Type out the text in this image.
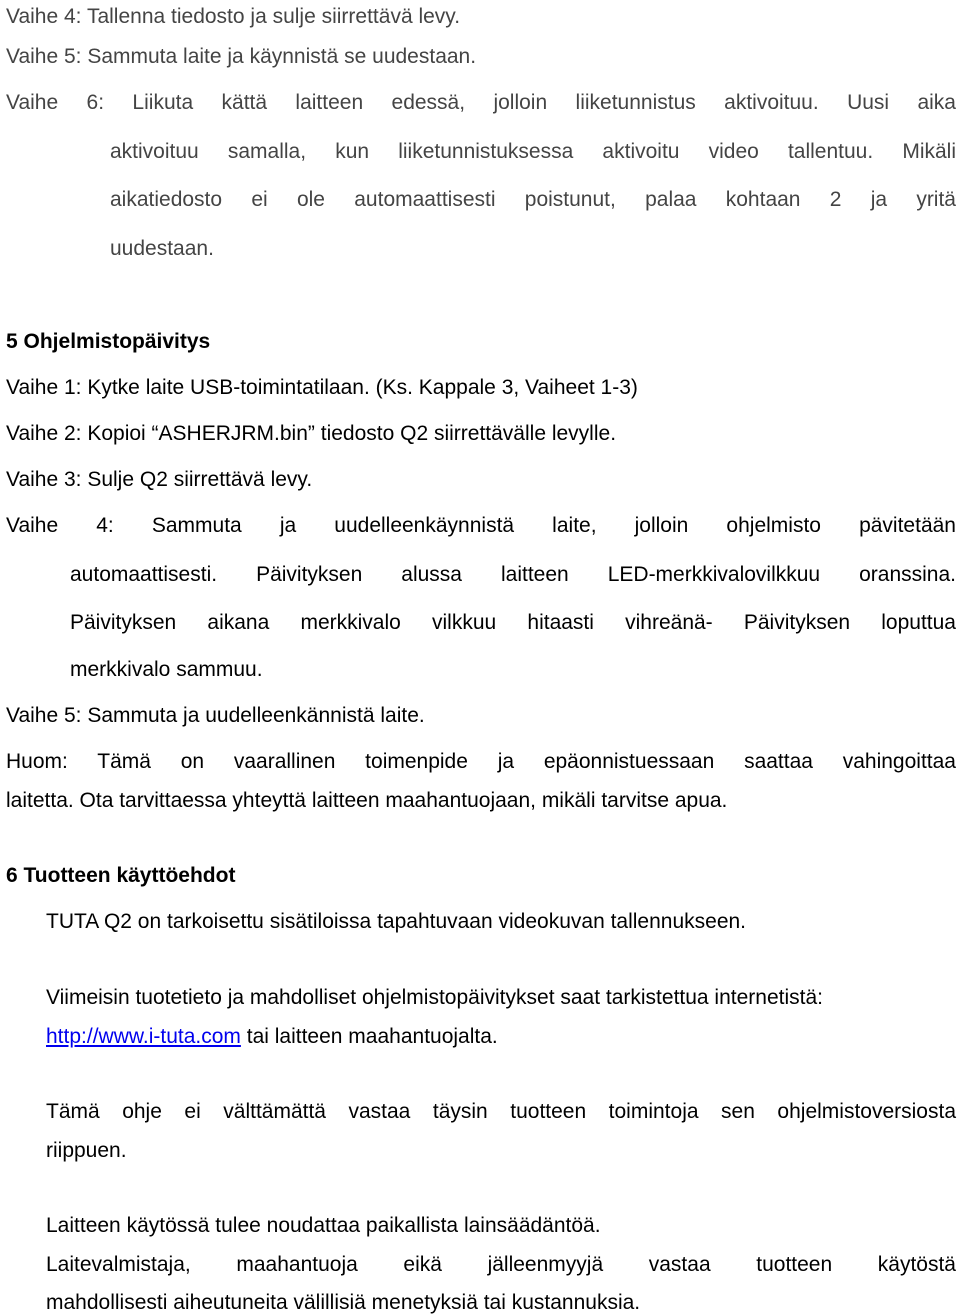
Vaihe 4: Tallenna tiedosto ja sulje siirrettävä levy.
Vaihe 5: Sammuta laite ja käynnistä se uudestaan.
Vaihe 6: Liikuta kättä laitteen edessä, jolloin liiketunnistus aktivoituu. Uusi aika
aktivoituu samalla, kun liiketunnistuksessa aktivoitu video tallentuu. Mikäli
aikatiedosto ei ole automaattisesti poistunut, palaa kohtaan 2 ja yritä
uudestaan.
5 Ohjelmistopäivitys
Vaihe 1: Kytke laite USB-toimintatilaan. (Ks. Kappale 3, Vaiheet 1-3)
Vaihe 2: Kopioi “ASHERJRM.bin” tiedosto Q2 siirrettävälle levylle.
Vaihe 3: Sulje Q2 siirrettävä levy.
Vaihe 4: Sammuta ja uudelleenkäynnistä laite, jolloin ohjelmisto pävitetään
automaattisesti. Päivityksen alussa laitteen LED-merkkivalovilkkuu oranssina.
Päivityksen aikana merkkivalo vilkkuu hitaasti vihreänä- Päivityksen loputtua
merkkivalo sammuu.
Vaihe 5: Sammuta ja uudelleenkännistä laite.
Huom: Tämä on vaarallinen toimenpide ja epäonnistuessaan saattaa vahingoittaa
laitetta. Ota tarvittaessa yhteyttä laitteen maahantuojaan, mikäli tarvitse apua.
6 Tuotteen käyttöehdot
TUTA Q2 on tarkoisettu sisätiloissa tapahtuvaan videokuvan tallennukseen.
Viimeisin tuotetieto ja mahdolliset ohjelmistopäivitykset saat tarkistettua internetistä:
http://www.i-tuta.com tai laitteen maahantuojalta.
Tämä ohje ei välttämättä vastaa täysin tuotteen toimintoja sen ohjelmistoversiosta
riippuen.
Laitteen käytössä tulee noudattaa paikallista lainsäädäntöä.
Laitevalmistaja, maahantuoja eikä jälleenmyyjä vastaa tuotteen käytöstä
mahdollisesti aiheutuneita välillisiä menetyksiä tai kustannuksia.
